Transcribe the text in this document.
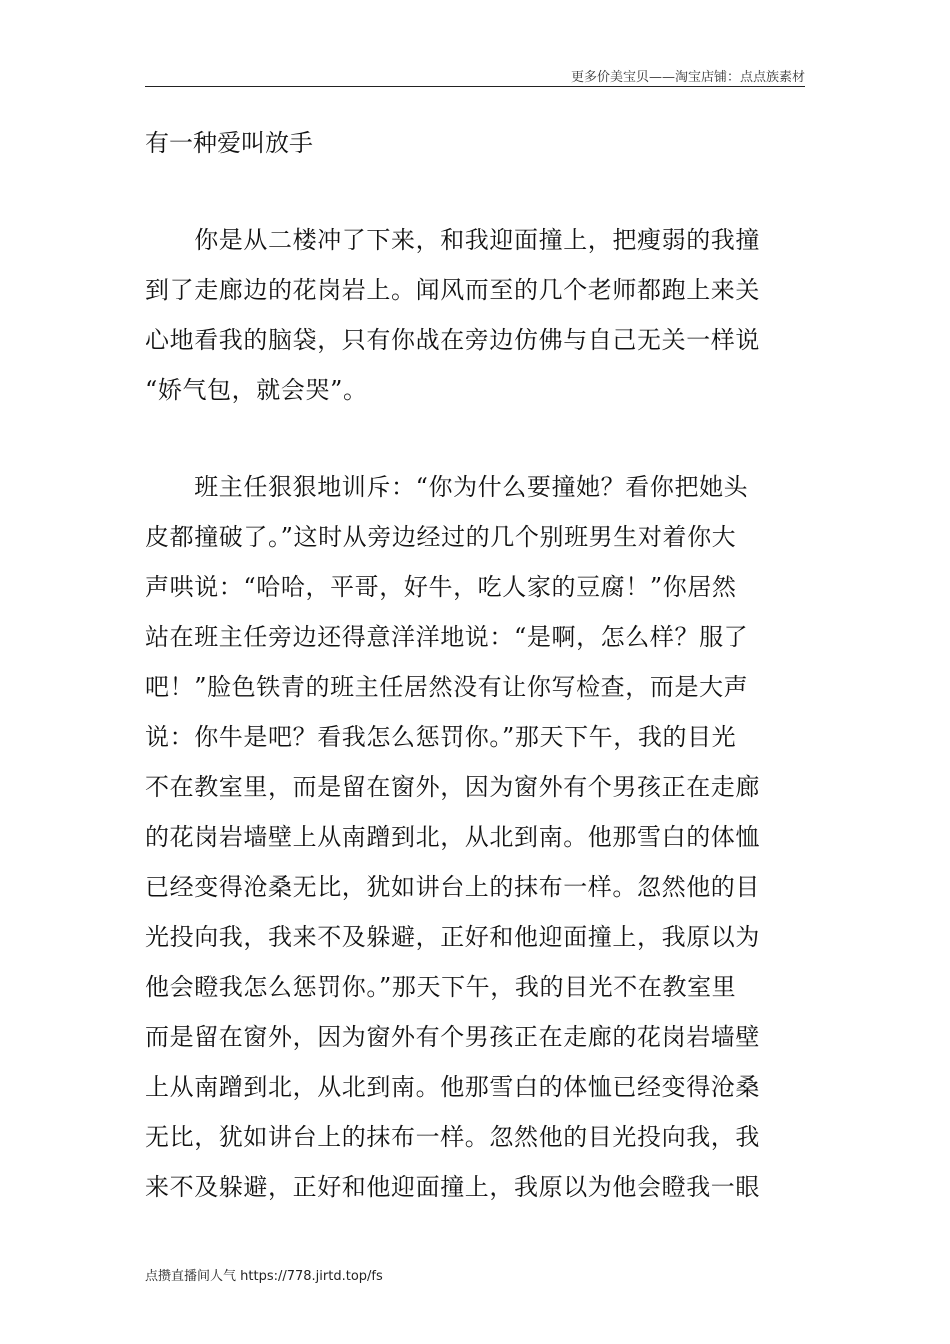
更多价美宝贝——淘宝店铺：点点族素材
有一种爱叫放手
　　你是从二楼冲了下来，和我迎面撞上，把瘦弱的我撞
到了走廊边的花岗岩上。闻风而至的几个老师都跑上来关
心地看我的脑袋，只有你战在旁边仿佛与自己无关一样说
“娇气包，就会哭”。
　　班主任狠狠地训斥：“你为什么要撞她？看你把她头
皮都撞破了。”这时从旁边经过的几个别班男生对着你大
声哄说：“哈哈，平哥，好牛，吃人家的豆腐！”你居然
站在班主任旁边还得意洋洋地说：“是啊，怎么样？服了
吧！”脸色铁青的班主任居然没有让你写检查，而是大声
说：你牛是吧？看我怎么惩罚你。”那天下午，我的目光
不在教室里，而是留在窗外，因为窗外有个男孩正在走廊
的花岗岩墙壁上从南蹭到北，从北到南。他那雪白的体恤
已经变得沧桑无比，犹如讲台上的抹布一样。忽然他的目
光投向我，我来不及躲避，正好和他迎面撞上，我原以为
他会瞪我怎么惩罚你。”那天下午，我的目光不在教室里
而是留在窗外，因为窗外有个男孩正在走廊的花岗岩墙壁
上从南蹭到北，从北到南。他那雪白的体恤已经变得沧桑
无比，犹如讲台上的抹布一样。忽然他的目光投向我，我
来不及躲避，正好和他迎面撞上，我原以为他会瞪我一眼
点攒直播间人气 https://778.jirtd.top/fs
